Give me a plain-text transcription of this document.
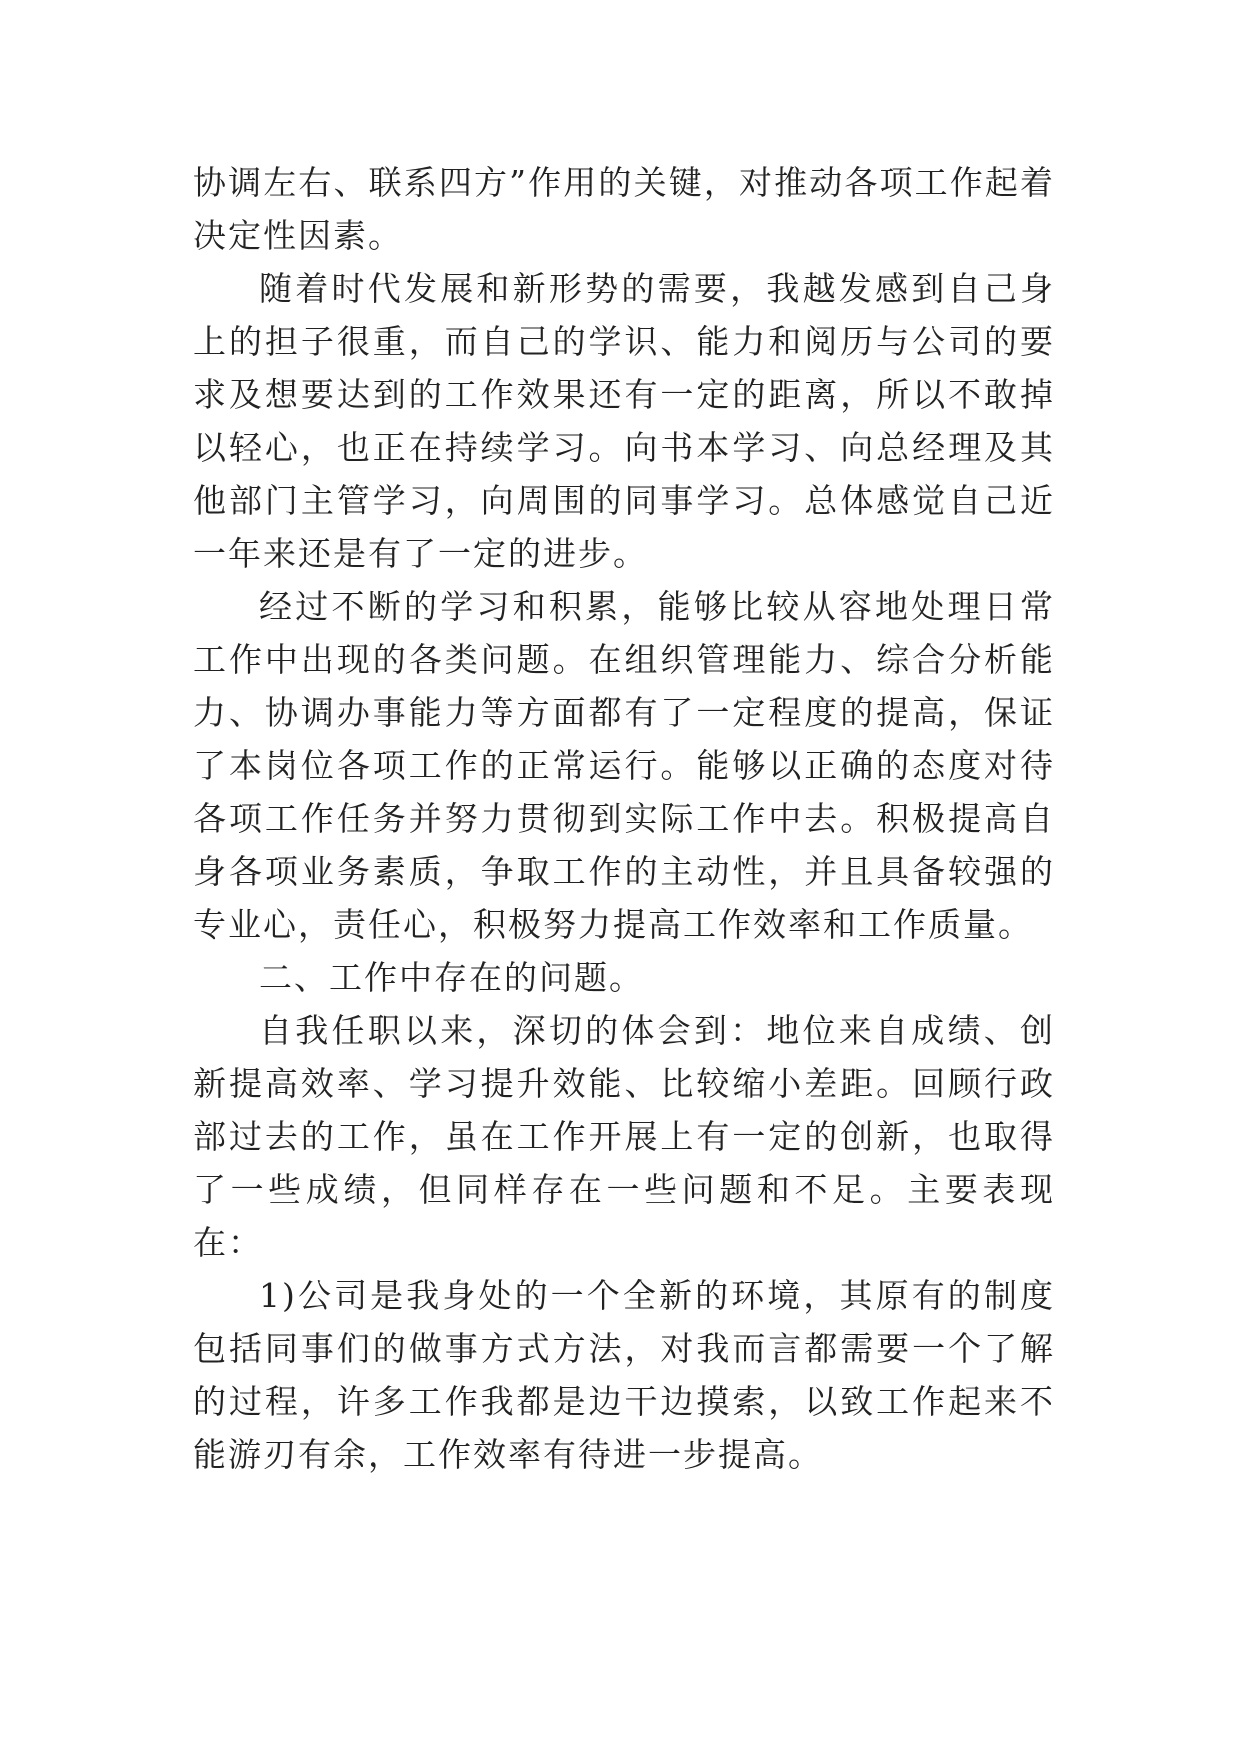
协调左右、联系四方”作用的关键，对推动各项工作起着决定性因素。

随着时代发展和新形势的需要，我越发感到自己身上的担子很重，而自己的学识、能力和阅历与公司的要求及想要达到的工作效果还有一定的距离，所以不敢掉以轻心，也正在持续学习。向书本学习、向总经理及其他部门主管学习，向周围的同事学习。总体感觉自己近一年来还是有了一定的进步。

经过不断的学习和积累，能够比较从容地处理日常工作中出现的各类问题。在组织管理能力、综合分析能力、协调办事能力等方面都有了一定程度的提高，保证了本岗位各项工作的正常运行。能够以正确的态度对待各项工作任务并努力贯彻到实际工作中去。积极提高自身各项业务素质，争取工作的主动性，并且具备较强的专业心，责任心，积极努力提高工作效率和工作质量。

二、工作中存在的问题。

自我任职以来，深切的体会到：地位来自成绩、创新提高效率、学习提升效能、比较缩小差距。回顾行政部过去的工作，虽在工作开展上有一定的创新，也取得了一些成绩，但同样存在一些问题和不足。主要表现在：

1)公司是我身处的一个全新的环境，其原有的制度包括同事们的做事方式方法，对我而言都需要一个了解的过程，许多工作我都是边干边摸索，以致工作起来不能游刃有余，工作效率有待进一步提高。
